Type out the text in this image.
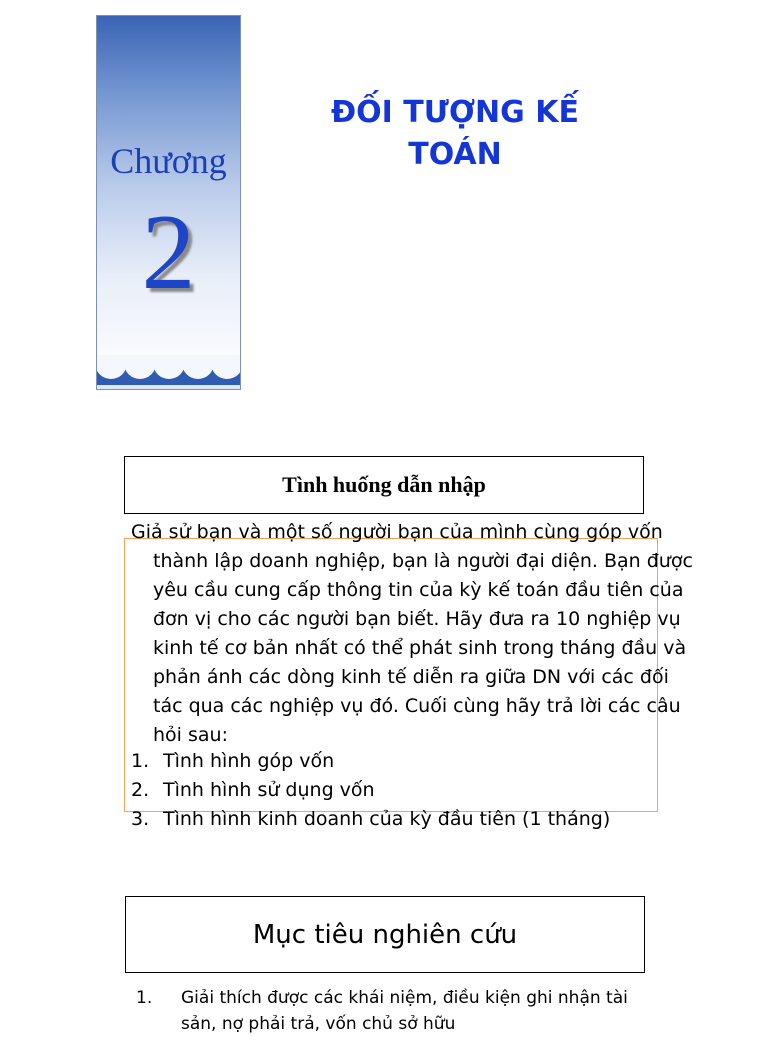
Chương
2
ĐỐI TƯỢNG KẾ TOÁN
Tình huống dẫn nhập

Giả sử bạn và một số người bạn của mình cùng góp vốn thành lập doanh nghiệp, bạn là người đại diện. Bạn được yêu cầu cung cấp thông tin của kỳ kế toán đầu tiên của đơn vị cho các người bạn biết. Hãy đưa ra 10 nghiệp vụ kinh tế cơ bản nhất có thể phát sinh trong tháng đầu và phản ánh các dòng kinh tế diễn ra giữa DN với các đối tác qua các nghiệp vụ đó. Cuối cùng hãy trả lời các câu hỏi sau:

1. Tình hình góp vốn
2. Tình hình sử dụng vốn
3. Tình hình kinh doanh của kỳ đầu tiên (1 tháng)
Mục tiêu nghiên cứu
1.	Giải thích được các khái niệm, điều kiện ghi nhận tài sản, nợ phải trả, vốn chủ sở hữu
